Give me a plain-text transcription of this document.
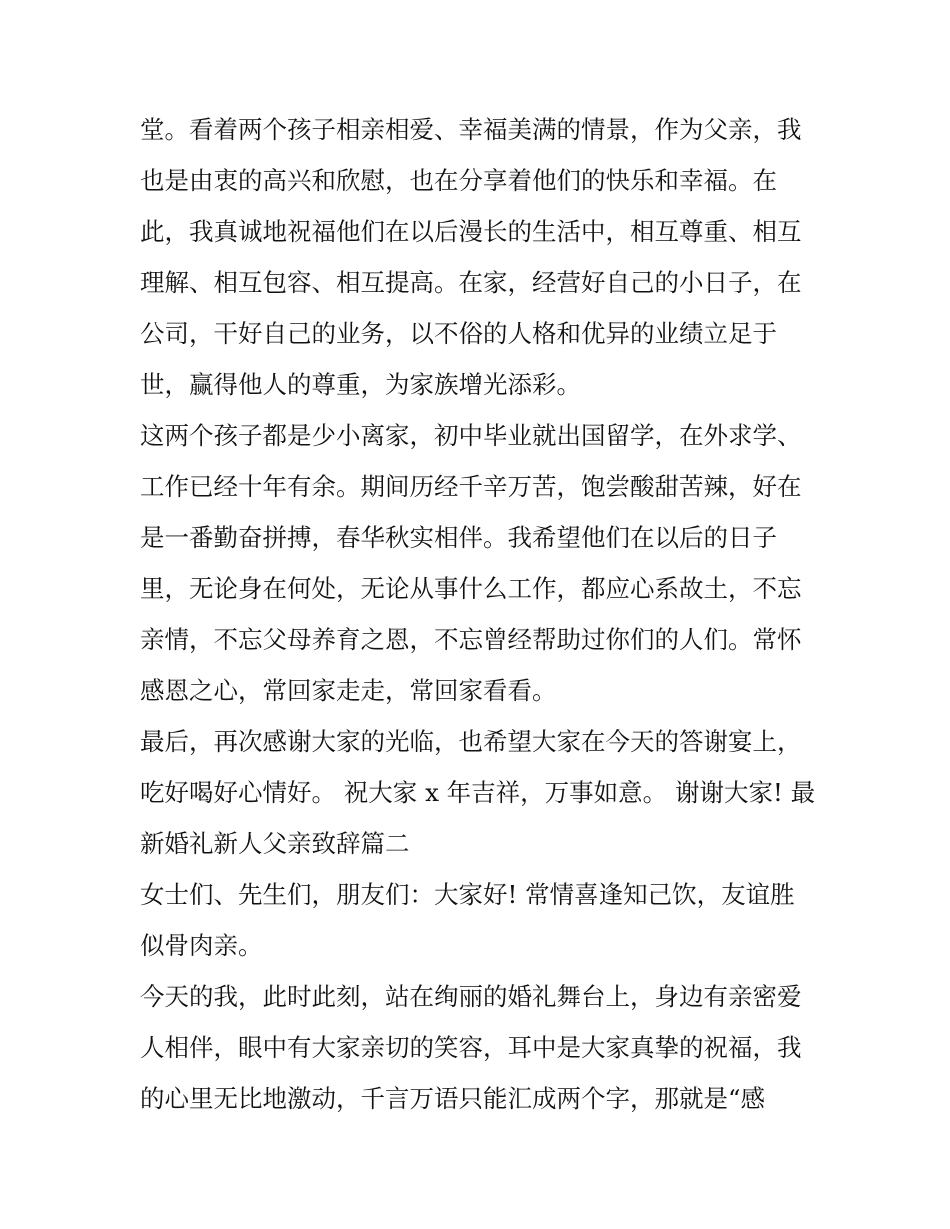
堂。看着两个孩子相亲相爱、幸福美满的情景，作为父亲，我
也是由衷的高兴和欣慰，也在分享着他们的快乐和幸福。在
此，我真诚地祝福他们在以后漫长的生活中，相互尊重、相互
理解、相互包容、相互提高。在家，经营好自己的小日子，在
公司，干好自己的业务，以不俗的人格和优异的业绩立足于
世，赢得他人的尊重，为家族增光添彩。
这两个孩子都是少小离家，初中毕业就出国留学，在外求学、
工作已经十年有余。期间历经千辛万苦，饱尝酸甜苦辣，好在
是一番勤奋拼搏，春华秋实相伴。我希望他们在以后的日子
里，无论身在何处，无论从事什么工作，都应心系故土，不忘
亲情，不忘父母养育之恩，不忘曾经帮助过你们的人们。常怀
感恩之心，常回家走走，常回家看看。
最后，再次感谢大家的光临，也希望大家在今天的答谢宴上，
吃好喝好心情好。 祝大家 x 年吉祥，万事如意。 谢谢大家! 最
新婚礼新人父亲致辞篇二
女士们、先生们，朋友们：大家好! 常情喜逢知己饮，友谊胜
似骨肉亲。
今天的我，此时此刻，站在绚丽的婚礼舞台上，身边有亲密爱
人相伴，眼中有大家亲切的笑容，耳中是大家真挚的祝福，我
的心里无比地激动，千言万语只能汇成两个字，那就是“感
